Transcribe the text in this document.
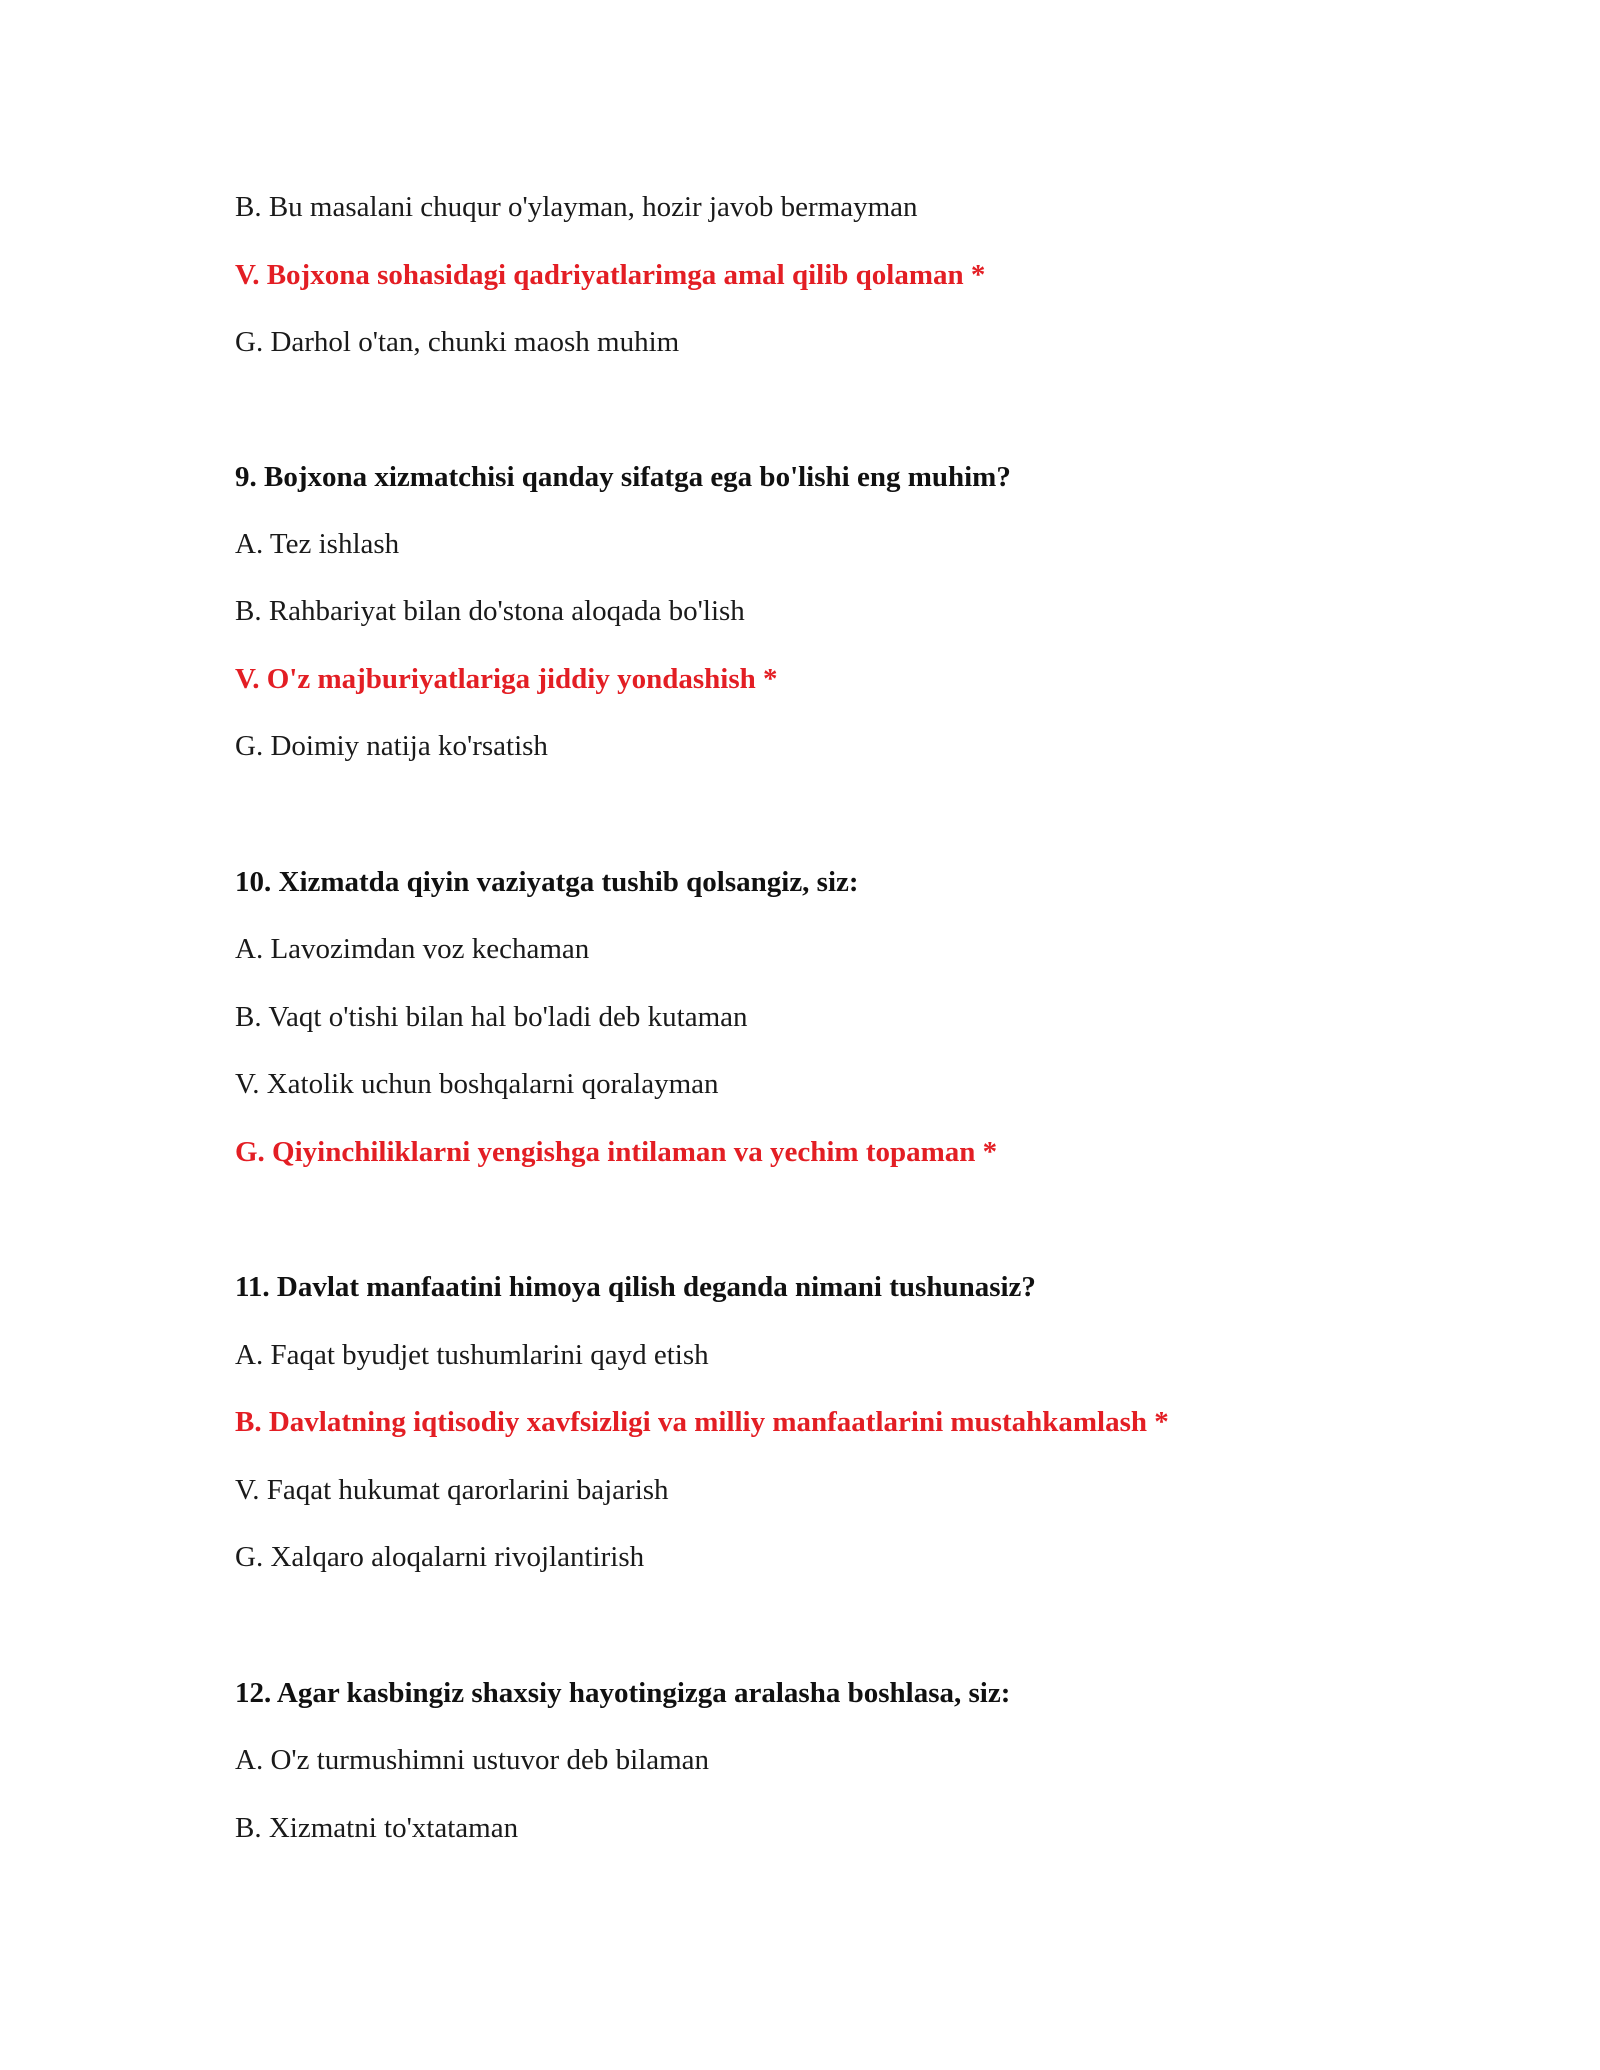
B. Bu masalani chuqur o'ylayman, hozir javob bermayman
V. Bojxona sohasidagi qadriyatlarimga amal qilib qolaman *
G. Darhol o'tan, chunki maosh muhim
9. Bojxona xizmatchisi qanday sifatga ega bo'lishi eng muhim?
A. Tez ishlash
B. Rahbariyat bilan do'stona aloqada bo'lish
V. O'z majburiyatlariga jiddiy yondashish *
G. Doimiy natija ko'rsatish
10. Xizmatda qiyin vaziyatga tushib qolsangiz, siz:
A. Lavozimdan voz kechaman
B. Vaqt o'tishi bilan hal bo'ladi deb kutaman
V. Xatolik uchun boshqalarni qoralayman
G. Qiyinchiliklarni yengishga intilaman va yechim topaman *
11. Davlat manfaatini himoya qilish deganda nimani tushunasiz?
A. Faqat byudjet tushumlarini qayd etish
B. Davlatning iqtisodiy xavfsizligi va milliy manfaatlarini mustahkamlash *
V. Faqat hukumat qarorlarini bajarish
G. Xalqaro aloqalarni rivojlantirish
12. Agar kasbingiz shaxsiy hayotingizga aralasha boshlasa, siz:
A. O'z turmushimni ustuvor deb bilaman
B. Xizmatni to'xtataman
